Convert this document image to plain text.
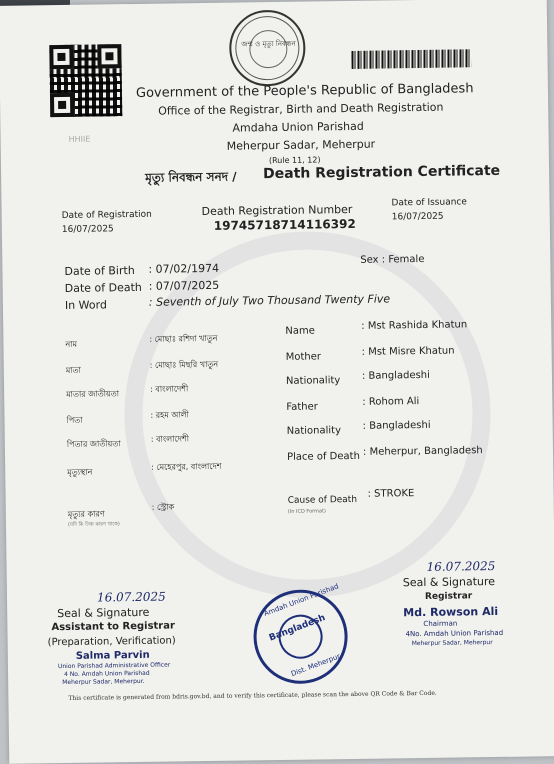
HHIIE
জন্ম ও মৃত্যু নিবন্ধন
Government of the People's Republic of Bangladesh
Office of the Registrar, Birth and Death Registration
Amdaha Union Parishad
Meherpur Sadar, Meherpur
(Rule 11, 12)
মৃত্যু নিবন্ধন সনদ / Death Registration Certificate
Date of Registration
16/07/2025
Death Registration Number
19745718714116392
Date of Issuance
16/07/2025
Date of Birth : 07/02/1974
Date of Death : 07/07/2025
In Word	: Seventh of July Two Thousand Twenty Five
Sex : Female
নাম
: মোছাঃ রশিদা খাতুন
মাতা
: মোছাঃ মিছরি খাতুন
মাতার জাতীয়তা
: বাংলাদেশী
পিতা
: রহম আলী
পিতার জাতীয়তা
: বাংলাদেশী
মৃত্যুস্থান
: মেহেরপুর, বাংলাদেশ
মৃত্যুর কারণ
: স্ট্রোক
(যদি কি উক্ত কারণ থাকে)
Name	: Mst Rashida Khatun
Mother	: Mst Misre Khatun
Nationality : Bangladeshi
Father	: Rohom Ali
Nationality : Bangladeshi
Place of Death : Meherpur, Bangladesh
Cause of Death
: STROKE
(In ICD Format)
16.07.2025
Seal & Signature
Assistant to Registrar
(Preparation, Verification)
Salma Parvin
Union Parishad Administrative Officer
4 No. Amdah Union Parishad
Meherpur Sadar, Meherpur.
Amdah Union Parishad
Bangladesh
Dist. Meherpur
16.07.2025
Seal & Signature
Registrar
Md. Rowson Ali
Chairman
4No. Amdah Union Parishad
Meherpur Sadar, Meherpur
This certificate is generated from bdris.gov.bd, and to verify this certificate, please scan the above QR Code & Bar Code.
